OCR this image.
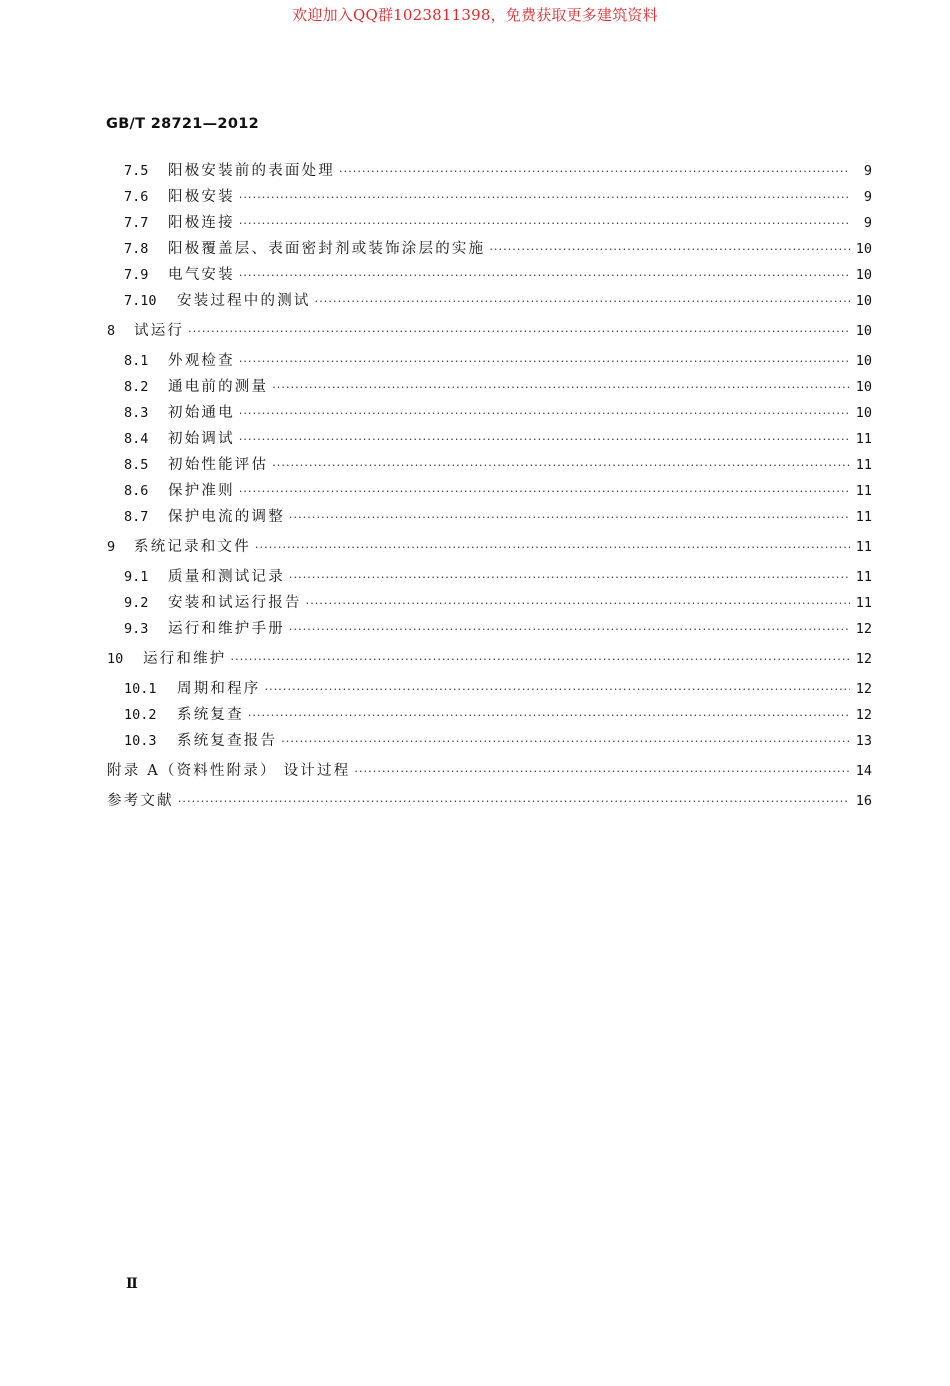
欢迎加入QQ群1023811398，免费获取更多建筑资料
GB/T 28721—2012
7.5	阳极安装前的表面处理 ·····	9
7.6	阳极安装 ·····	9
7.7	阳极连接 ·····	9
7.8	阳极覆盖层、表面密封剂或装饰涂层的实施 ·····	10
7.9	电气安装 ·····	10
7.10	安装过程中的测试 ·····	10
8	试运行 ·····	10
8.1	外观检查 ·····	10
8.2	通电前的测量 ·····	10
8.3	初始通电 ·····	10
8.4	初始调试 ·····	11
8.5	初始性能评估 ·····	11
8.6	保护准则 ·····	11
8.7	保护电流的调整 ·····	11
9	系统记录和文件 ·····	11
9.1	质量和测试记录 ·····	11
9.2	安装和试运行报告 ·····	11
9.3	运行和维护手册 ·····	12
10	运行和维护 ·····	12
10.1	周期和程序 ·····	12
10.2	系统复查 ·····	12
10.3	系统复查报告 ·····	13
附录 A（资料性附录） 设计过程 ·····	14
参考文献 ·····	16
Ⅱ
